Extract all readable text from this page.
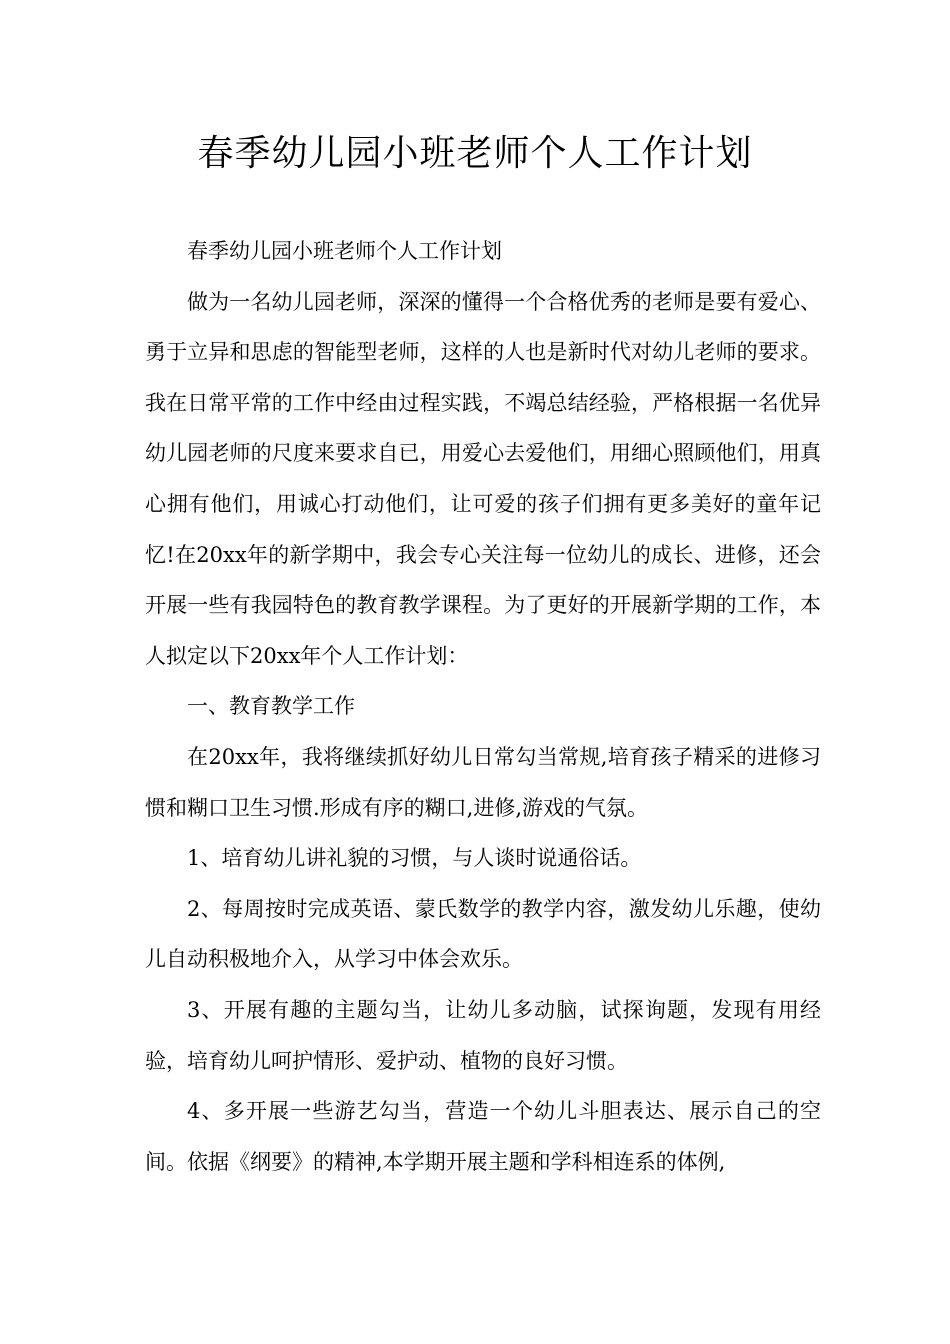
春季幼儿园小班老师个人工作计划

春季幼儿园小班老师个人工作计划

做为一名幼儿园老师，深深的懂得一个合格优秀的老师是要有爱心、勇于立异和思虑的智能型老师，这样的人也是新时代对幼儿老师的要求。我在日常平常的工作中经由过程实践，不竭总结经验，严格根据一名优异幼儿园老师的尺度来要求自已，用爱心去爱他们，用细心照顾他们，用真心拥有他们，用诚心打动他们，让可爱的孩子们拥有更多美好的童年记忆!在20xx年的新学期中，我会专心关注每一位幼儿的成长、进修，还会开展一些有我园特色的教育教学课程。为了更好的开展新学期的工作，本人拟定以下20xx年个人工作计划：

一、教育教学工作

在20xx年，我将继续抓好幼儿日常勾当常规,培育孩子精采的进修习惯和糊口卫生习惯.形成有序的糊口,进修,游戏的气氛。

1、培育幼儿讲礼貌的习惯，与人谈时说通俗话。

2、每周按时完成英语、蒙氏数学的教学内容，激发幼儿乐趣，使幼儿自动积极地介入，从学习中体会欢乐。

3、开展有趣的主题勾当，让幼儿多动脑，试探询题，发现有用经验，培育幼儿呵护情形、爱护动、植物的良好习惯。

4、多开展一些游艺勾当，营造一个幼儿斗胆表达、展示自己的空间。依据《纲要》的精神,本学期开展主题和学科相连系的体例,
